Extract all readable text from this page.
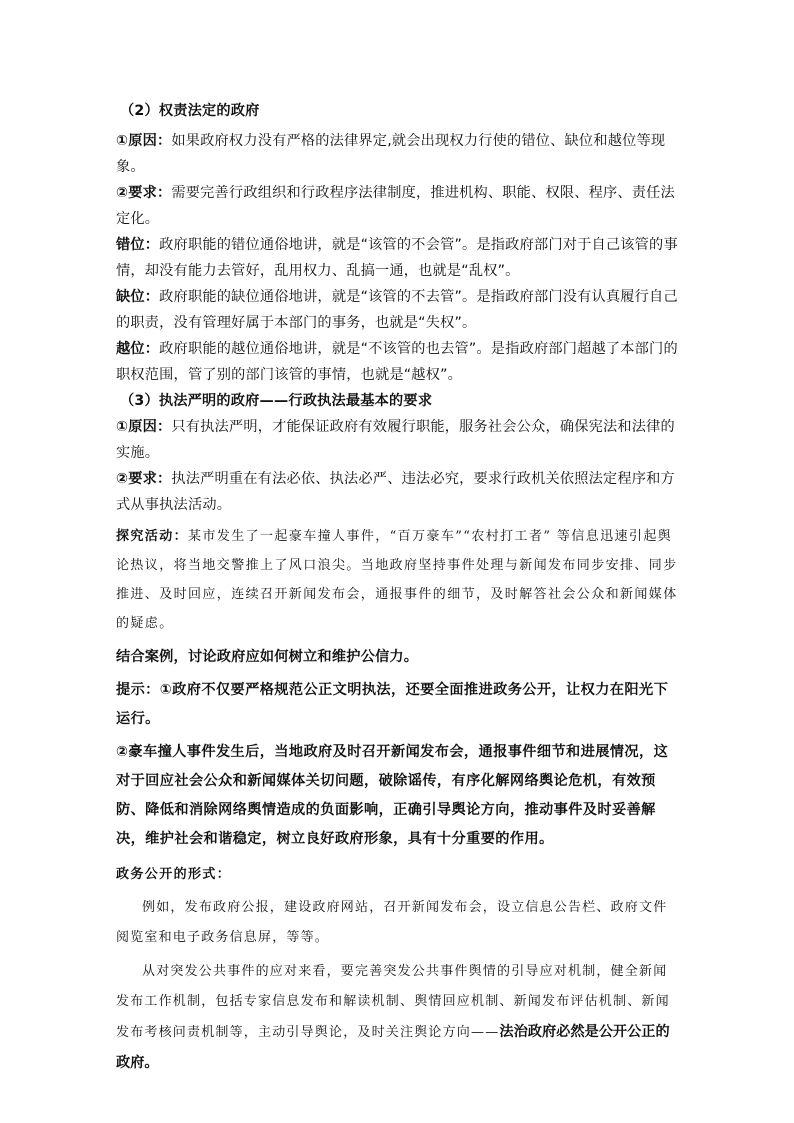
（2）权责法定的政府

①原因：如果政府权力没有严格的法律界定,就会出现权力行使的错位、缺位和越位等现象。

②要求：需要完善行政组织和行政程序法律制度，推进机构、职能、权限、程序、责任法定化。

错位：政府职能的错位通俗地讲，就是“该管的不会管”。是指政府部门对于自己该管的事情，却没有能力去管好，乱用权力、乱搞一通，也就是“乱权”。

缺位：政府职能的缺位通俗地讲，就是“该管的不去管”。是指政府部门没有认真履行自己的职责，没有管理好属于本部门的事务，也就是“失权”。

越位：政府职能的越位通俗地讲，就是“不该管的也去管”。是指政府部门超越了本部门的职权范围，管了别的部门该管的事情，也就是“越权”。

（3）执法严明的政府——行政执法最基本的要求

①原因：只有执法严明，才能保证政府有效履行职能，服务社会公众，确保宪法和法律的实施。

②要求：执法严明重在有法必依、执法必严、违法必究，要求行政机关依照法定程序和方式从事执法活动。

探究活动：某市发生了一起豪车撞人事件，“百万豪车”“农村打工者” 等信息迅速引起舆论热议，将当地交警推上了风口浪尖。当地政府坚持事件处理与新闻发布同步安排、同步推进、及时回应，连续召开新闻发布会，通报事件的细节，及时解答社会公众和新闻媒体的疑虑。

结合案例，讨论政府应如何树立和维护公信力。

提示：①政府不仅要严格规范公正文明执法，还要全面推进政务公开，让权力在阳光下运行。

②豪车撞人事件发生后，当地政府及时召开新闻发布会，通报事件细节和进展情况，这对于回应社会公众和新闻媒体关切问题，破除谣传，有序化解网络舆论危机，有效预防、降低和消除网络舆情造成的负面影响，正确引导舆论方向，推动事件及时妥善解决，维护社会和谐稳定，树立良好政府形象，具有十分重要的作用。

政务公开的形式：

例如，发布政府公报，建设政府网站，召开新闻发布会，设立信息公告栏、政府文件阅览室和电子政务信息屏，等等。

从对突发公共事件的应对来看，要完善突发公共事件舆情的引导应对机制，健全新闻发布工作机制，包括专家信息发布和解读机制、舆情回应机制、新闻发布评估机制、新闻发布考核问责机制等，主动引导舆论，及时关注舆论方向——法治政府必然是公开公正的政府。
